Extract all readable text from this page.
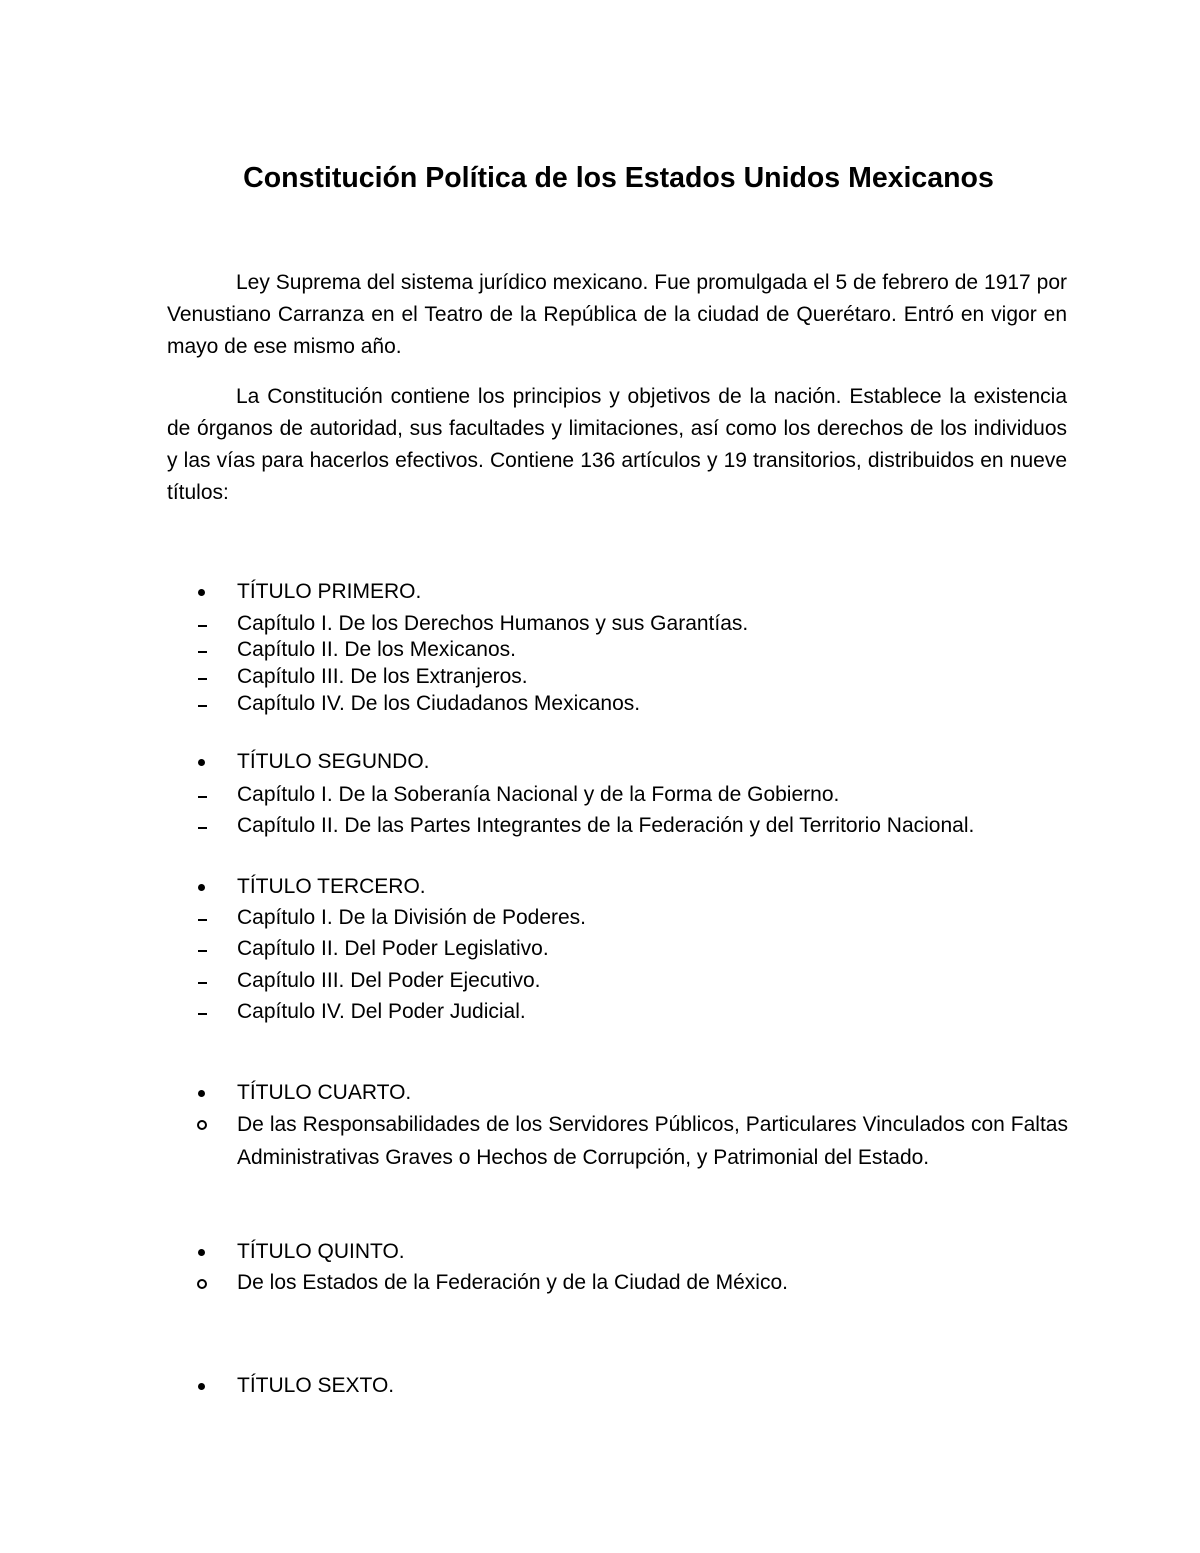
Constitución Política de los Estados Unidos Mexicanos

Ley Suprema del sistema jurídico mexicano. Fue promulgada el 5 de febrero de 1917 por Venustiano Carranza en el Teatro de la República de la ciudad de Querétaro. Entró en vigor en mayo de ese mismo año.

La Constitución contiene los principios y objetivos de la nación. Establece la existencia de órganos de autoridad, sus facultades y limitaciones, así como los derechos de los individuos y las vías para hacerlos efectivos. Contiene 136 artículos y 19 transitorios, distribuidos en nueve títulos:

TÍTULO PRIMERO.
Capítulo I. De los Derechos Humanos y sus Garantías.
Capítulo II. De los Mexicanos.
Capítulo III. De los Extranjeros.
Capítulo IV. De los Ciudadanos Mexicanos.
TÍTULO SEGUNDO.
Capítulo I. De la Soberanía Nacional y de la Forma de Gobierno.
Capítulo II. De las Partes Integrantes de la Federación y del Territorio Nacional.
TÍTULO TERCERO.
Capítulo I. De la División de Poderes.
Capítulo II. Del Poder Legislativo.
Capítulo III. Del Poder Ejecutivo.
Capítulo IV. Del Poder Judicial.
TÍTULO CUARTO.
De las Responsabilidades de los Servidores Públicos, Particulares Vinculados con Faltas Administrativas Graves o Hechos de Corrupción, y Patrimonial del Estado.
TÍTULO QUINTO.
De los Estados de la Federación y de la Ciudad de México.
TÍTULO SEXTO.
